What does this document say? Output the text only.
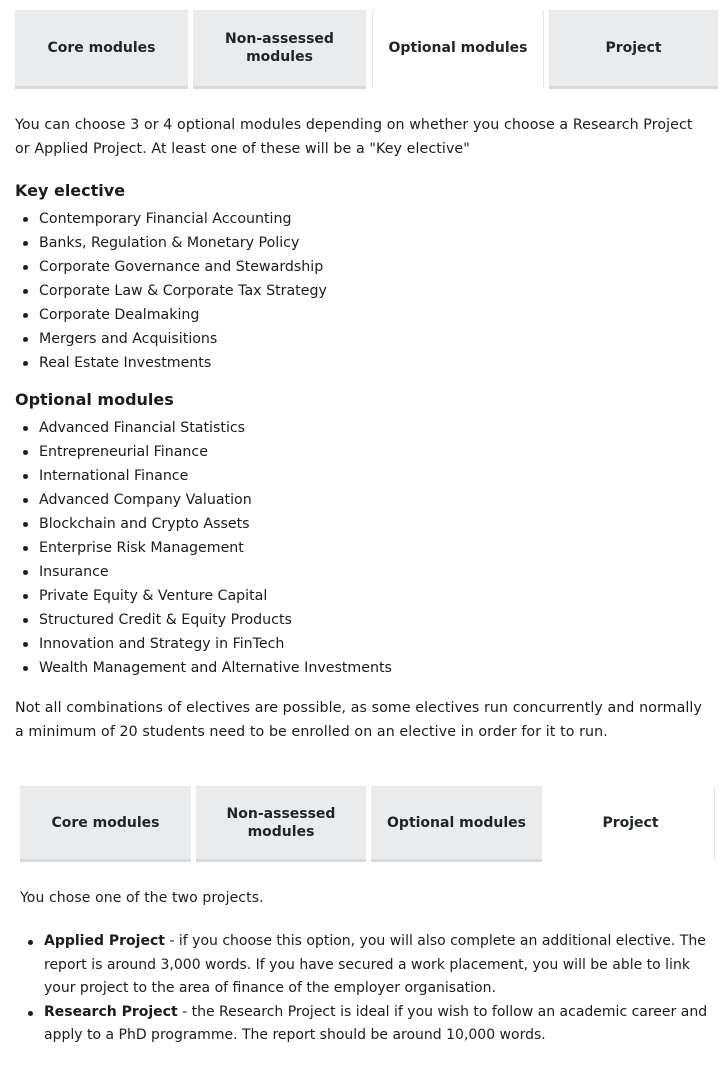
Core modules
Non-assessed modules
Optional modules	Project

You can choose 3 or 4 optional modules depending on whether you choose a Research Project or Applied Project. At least one of these will be a "Key elective"

Key elective
Contemporary Financial Accounting
Banks, Regulation & Monetary Policy
Corporate Governance and Stewardship
Corporate Law & Corporate Tax Strategy
Corporate Dealmaking
Mergers and Acquisitions
Real Estate Investments
Optional modules
Advanced Financial Statistics
Entrepreneurial Finance
International Finance
Advanced Company Valuation
Blockchain and Crypto Assets
Enterprise Risk Management
Insurance
Private Equity & Venture Capital
Structured Credit & Equity Products
Innovation and Strategy in FinTech
Wealth Management and Alternative Investments

Not all combinations of electives are possible, as some electives run concurrently and normally a minimum of 20 students need to be enrolled on an elective in order for it to run.

Core modules
Non-assessed modules
Optional modules	Project

You chose one of the two projects.

Applied Project - if you choose this option, you will also complete an additional elective. The report is around 3,000 words. If you have secured a work placement, you will be able to link your project to the area of finance of the employer organisation.
Research Project - the Research Project is ideal if you wish to follow an academic career and apply to a PhD programme. The report should be around 10,000 words.
